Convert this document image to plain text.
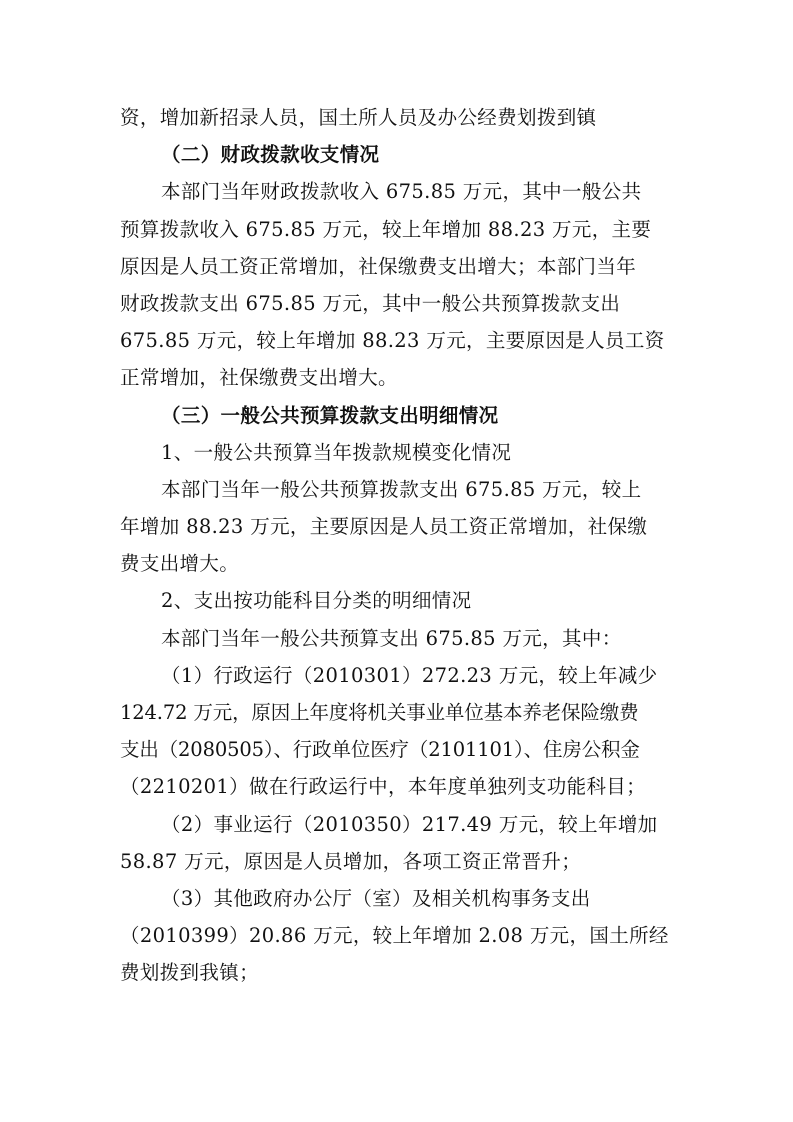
资，增加新招录人员，国土所人员及办公经费划拨到镇
（二）财政拨款收支情况
本部门当年财政拨款收入 675.85 万元，其中一般公共
预算拨款收入 675.85 万元，较上年增加 88.23 万元，主要
原因是人员工资正常增加，社保缴费支出增大；本部门当年
财政拨款支出 675.85 万元，其中一般公共预算拨款支出
675.85 万元，较上年增加 88.23 万元，主要原因是人员工资
正常增加，社保缴费支出增大。
（三）一般公共预算拨款支出明细情况
1、一般公共预算当年拨款规模变化情况
本部门当年一般公共预算拨款支出 675.85 万元，较上
年增加 88.23 万元，主要原因是人员工资正常增加，社保缴
费支出增大。
2、支出按功能科目分类的明细情况
本部门当年一般公共预算支出 675.85 万元，其中：
（1）行政运行（2010301）272.23 万元，较上年减少
124.72 万元，原因上年度将机关事业单位基本养老保险缴费
支出（2080505）、行政单位医疗（2101101）、住房公积金
（2210201）做在行政运行中，本年度单独列支功能科目；
（2）事业运行（2010350）217.49 万元，较上年增加
58.87 万元，原因是人员增加，各项工资正常晋升；
（3）其他政府办公厅（室）及相关机构事务支出
（2010399）20.86 万元，较上年增加 2.08 万元，国土所经
费划拨到我镇；
